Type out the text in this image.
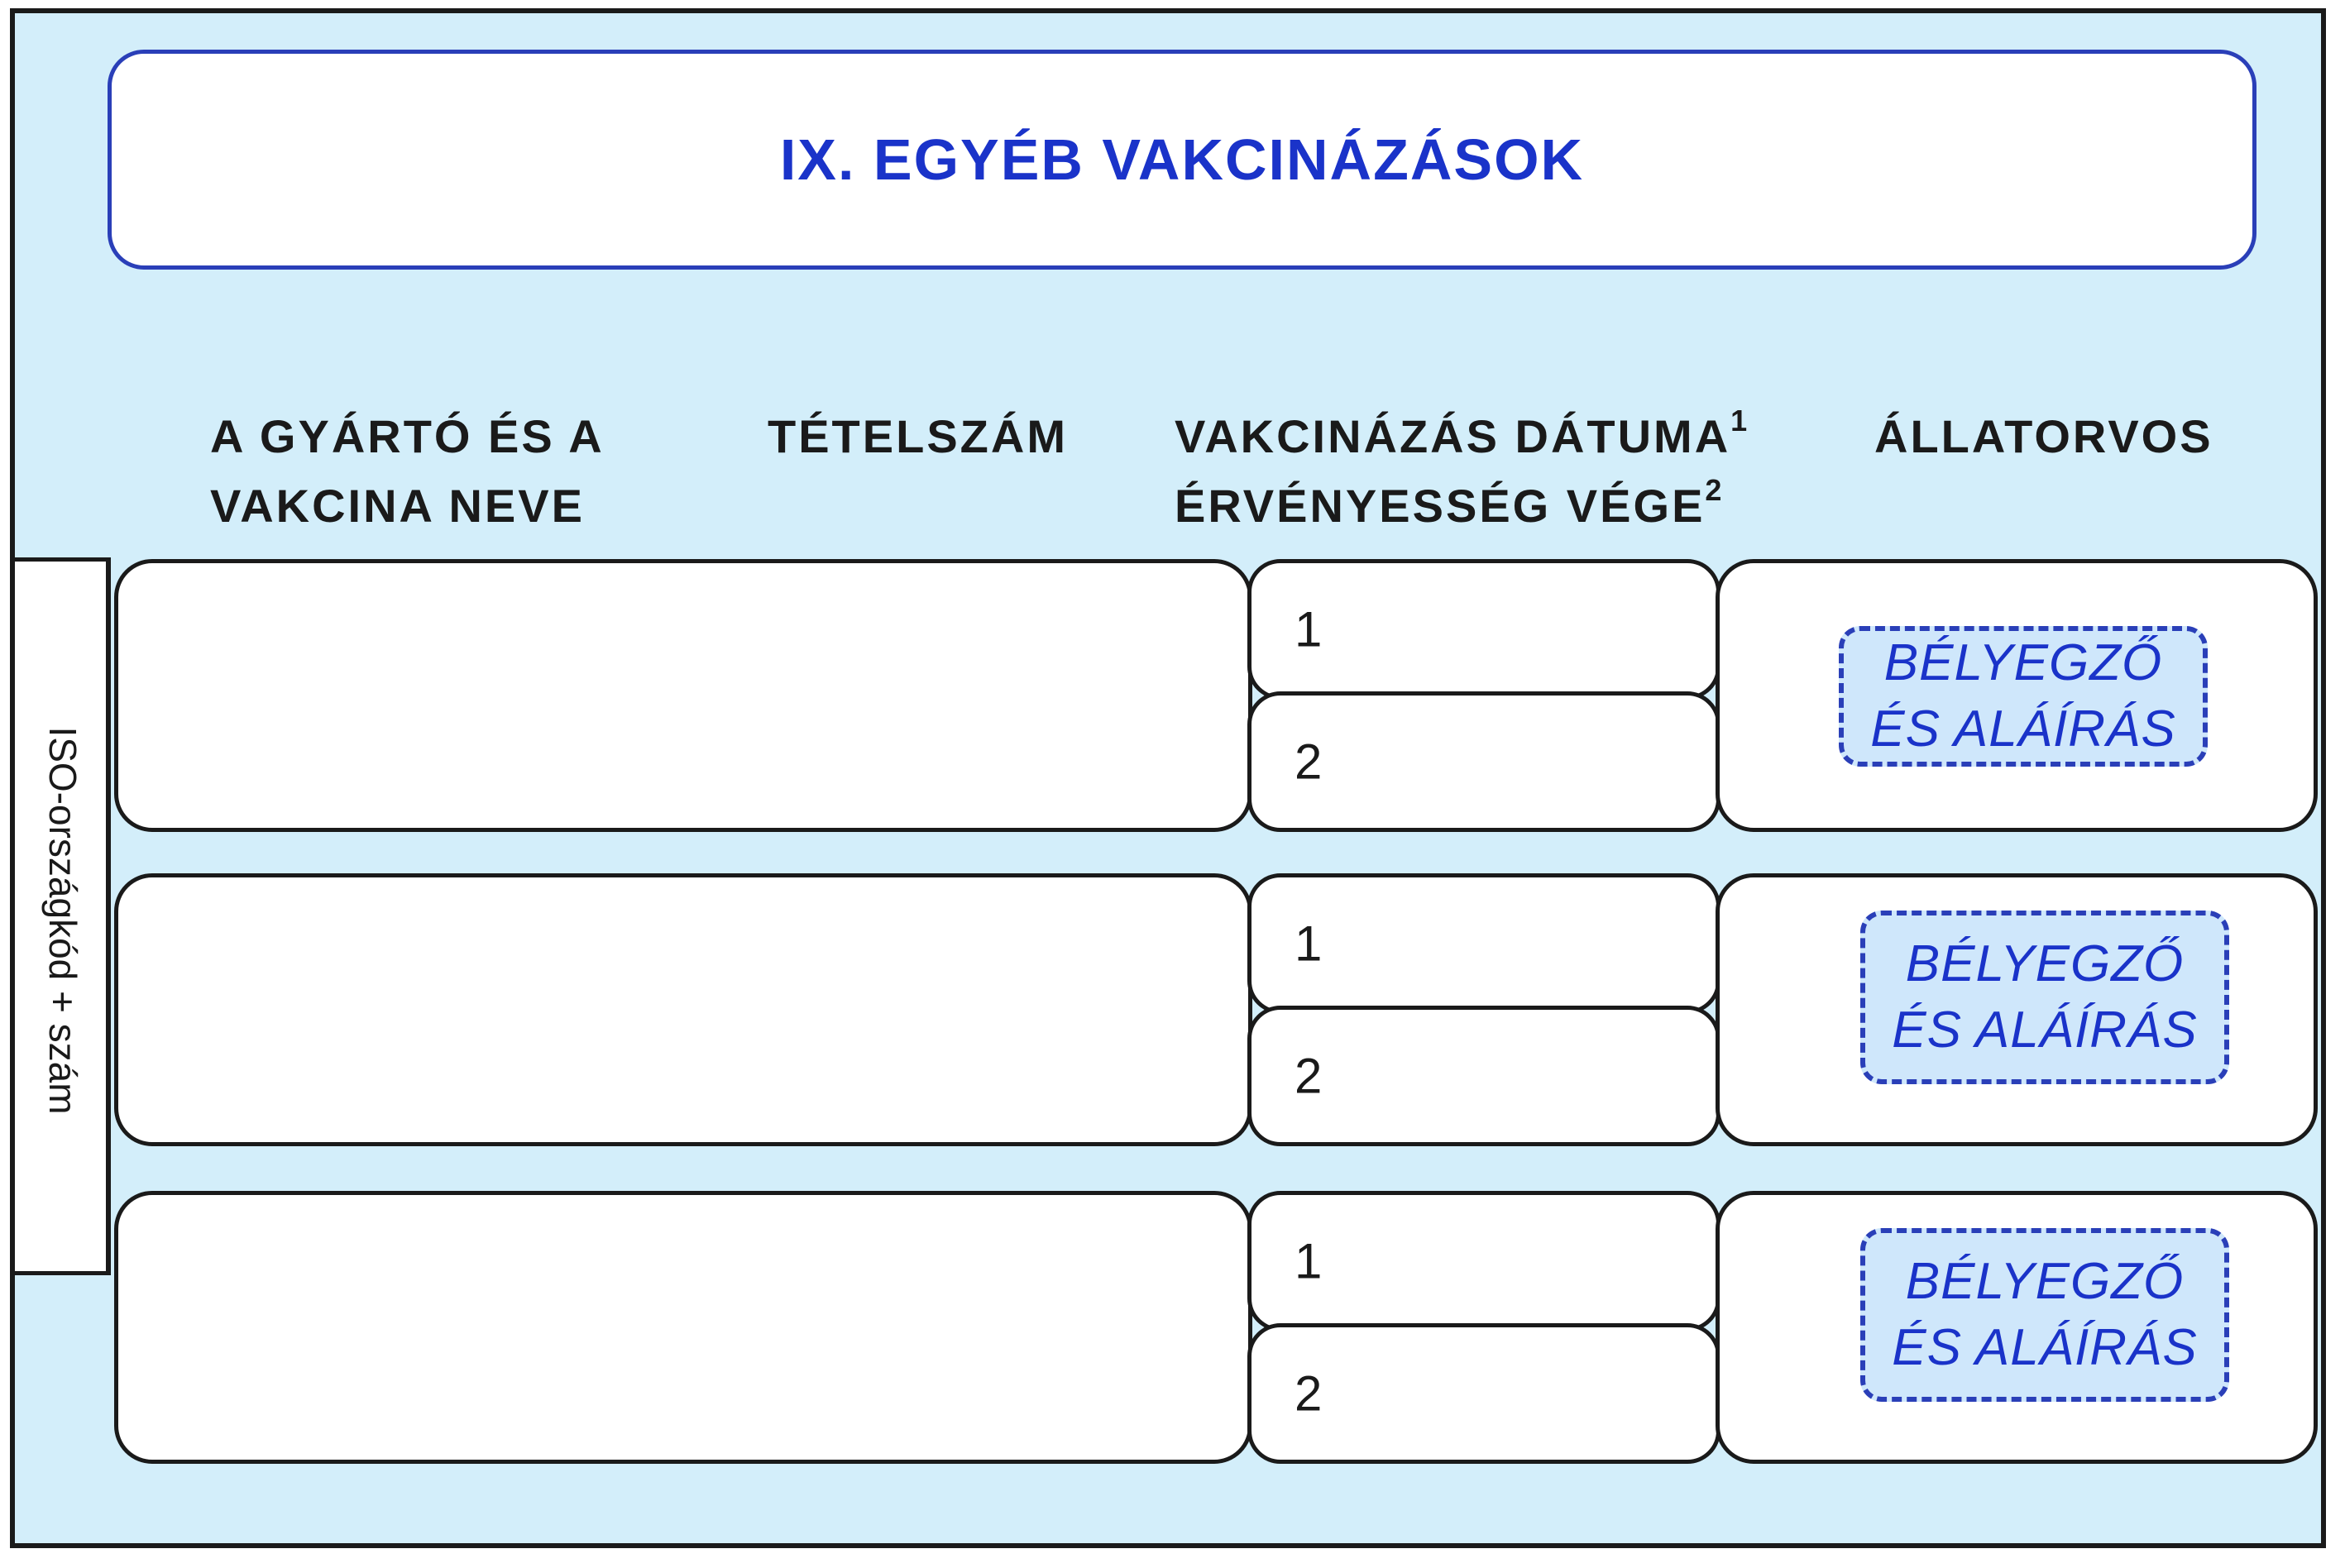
IX. EGYÉB VAKCINÁZÁSOK
A GYÁRTÓ ÉS A
VAKCINA NEVE
TÉTELSZÁM VAKCINÁZÁS DÁTUMA$^1$
ÉRVÉNYESSÉG VÉGE$^2$
ÁLLATORVOS
ISO-országkód + szám
1
2
BÉLYEGZŐ
ÉS ALÁÍRÁS
1
2
BÉLYEGZŐ
ÉS ALÁÍRÁS
1
2
BÉLYEGZŐ
ÉS ALÁÍRÁS
